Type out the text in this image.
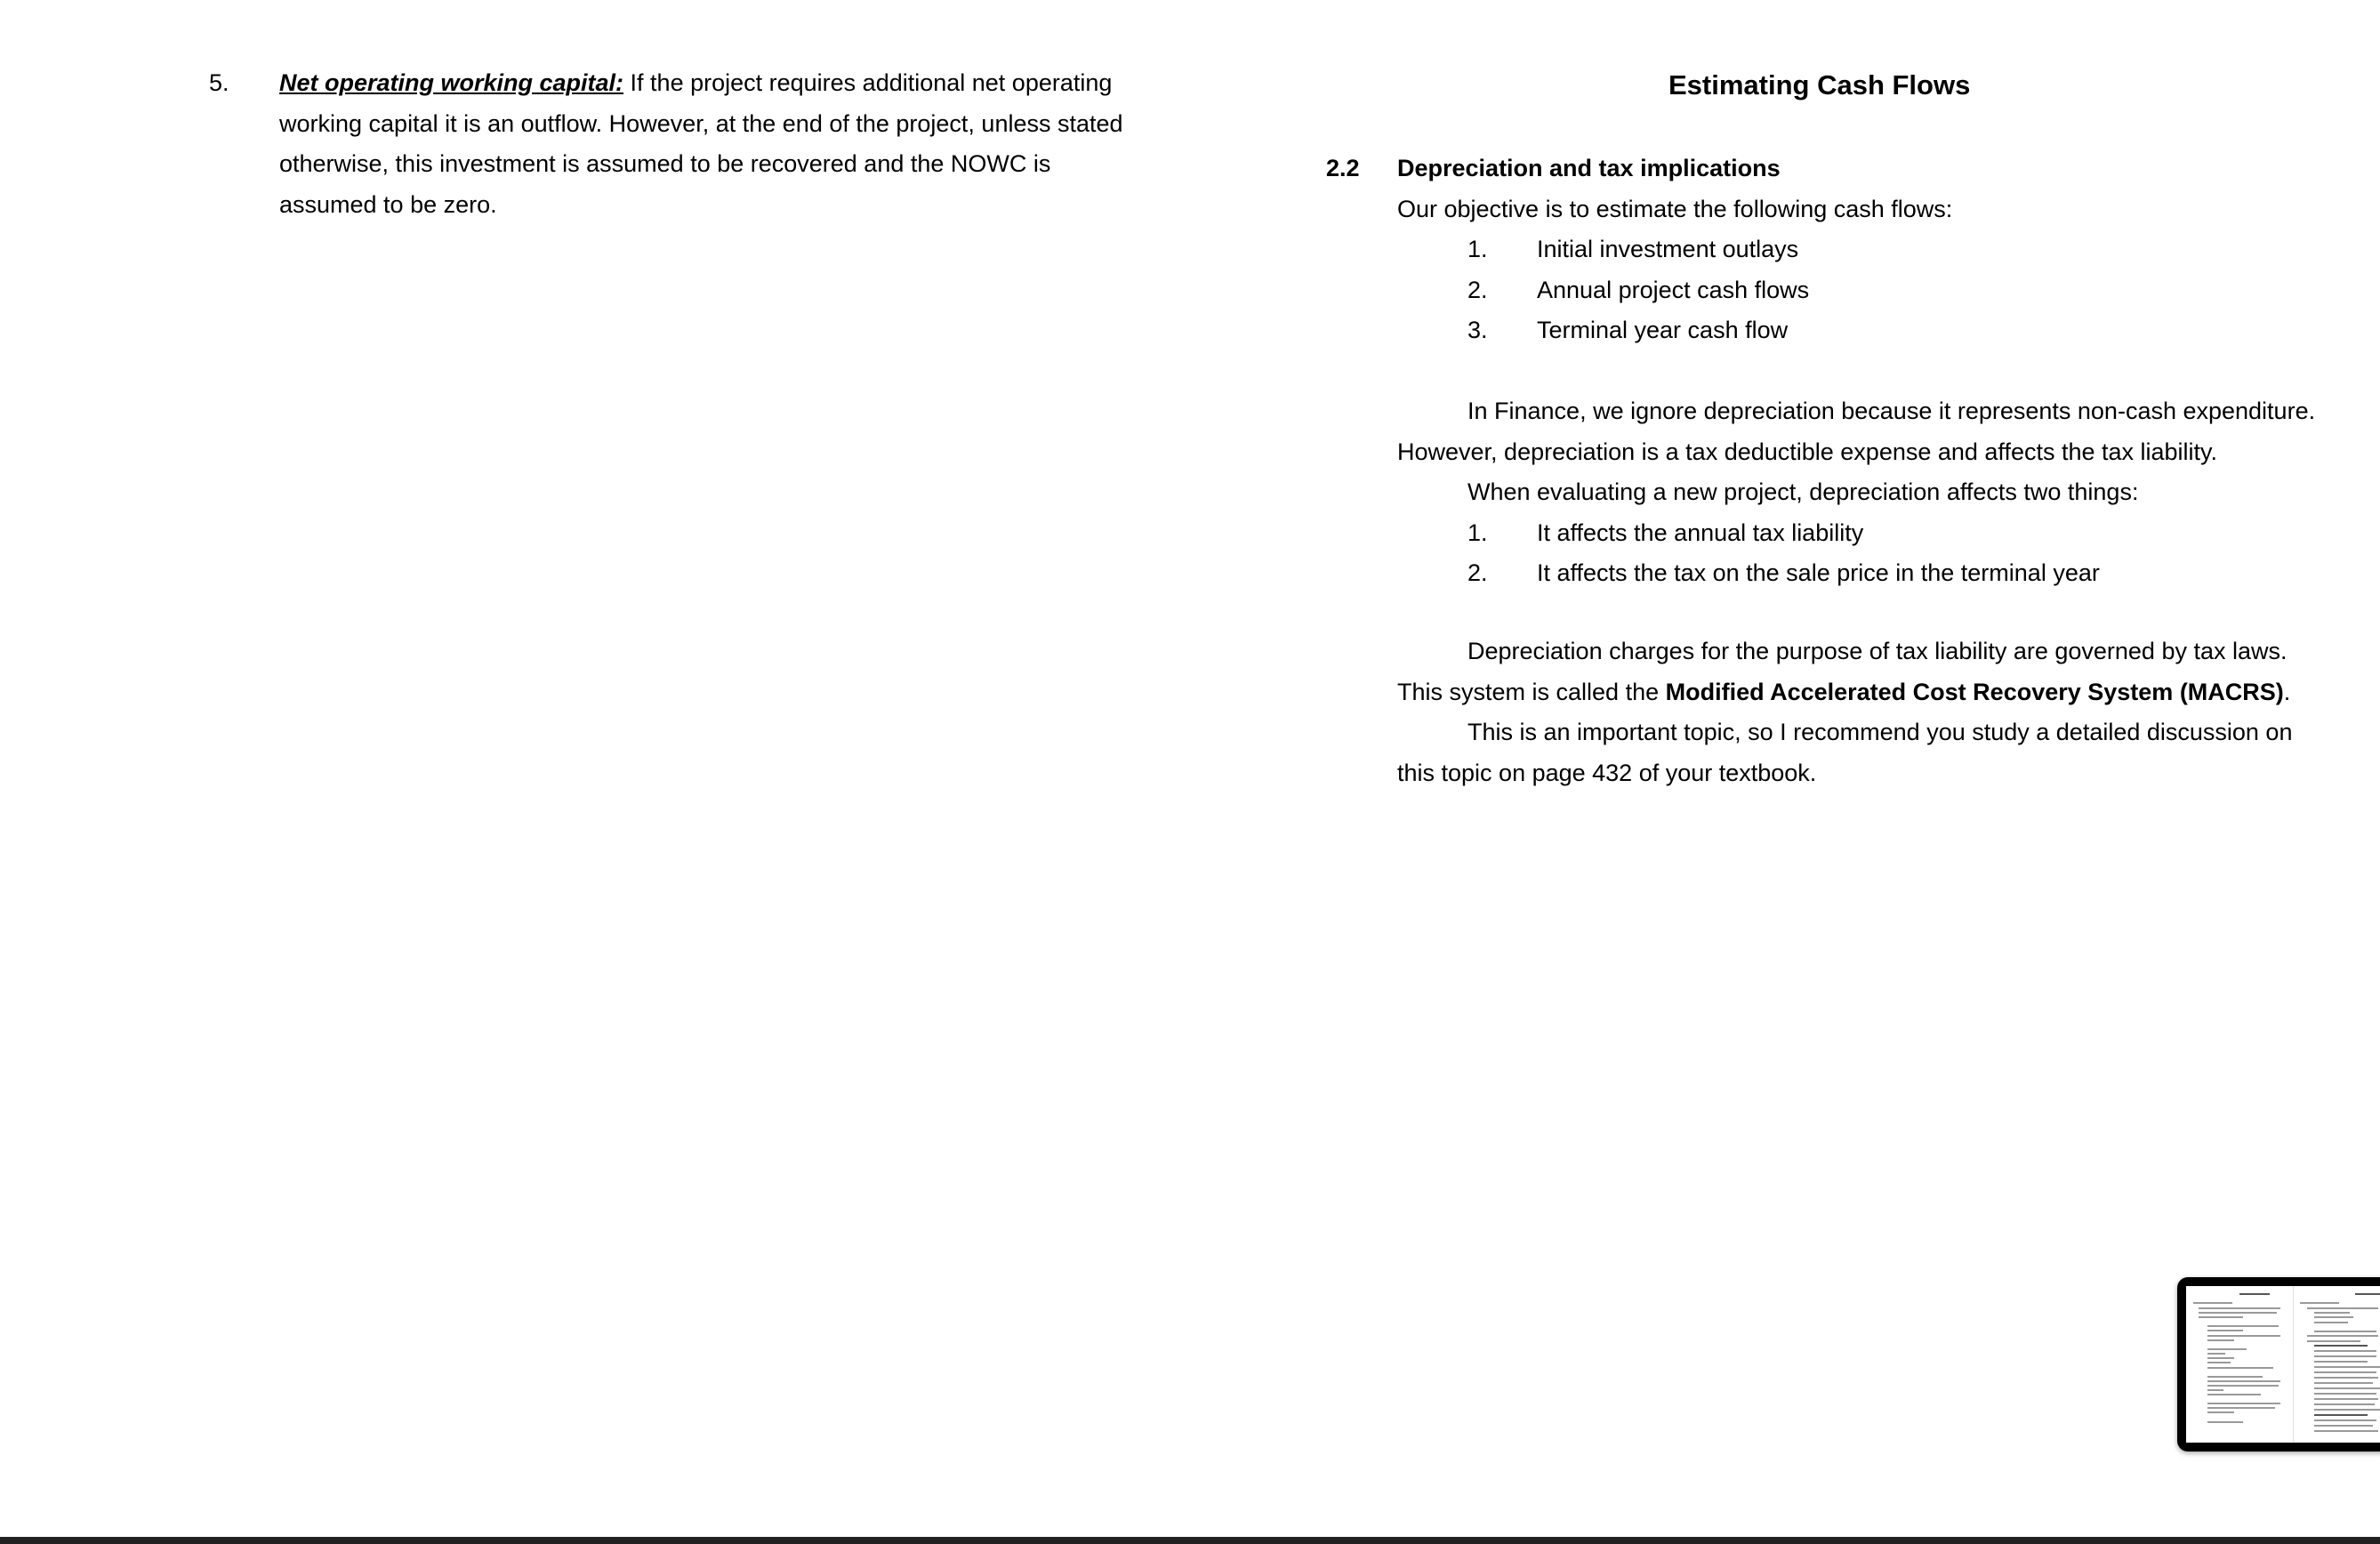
5. Net operating working capital: If the project requires additional net operating
working capital it is an outflow. However, at the end of the project, unless stated
otherwise, this investment is assumed to be recovered and the NOWC is
assumed to be zero.
Estimating Cash Flows
2.2 Depreciation and tax implications
Our objective is to estimate the following cash flows:
1. Initial investment outlays
2. Annual project cash flows
3. Terminal year cash flow
In Finance, we ignore depreciation because it represents non-cash expenditure.
However, depreciation is a tax deductible expense and affects the tax liability.
When evaluating a new project, depreciation affects two things:
1. It affects the annual tax liability
2. It affects the tax on the sale price in the terminal year
Depreciation charges for the purpose of tax liability are governed by tax laws.
This system is called the Modified Accelerated Cost Recovery System (MACRS).
This is an important topic, so I recommend you study a detailed discussion on
this topic on page 432 of your textbook.
